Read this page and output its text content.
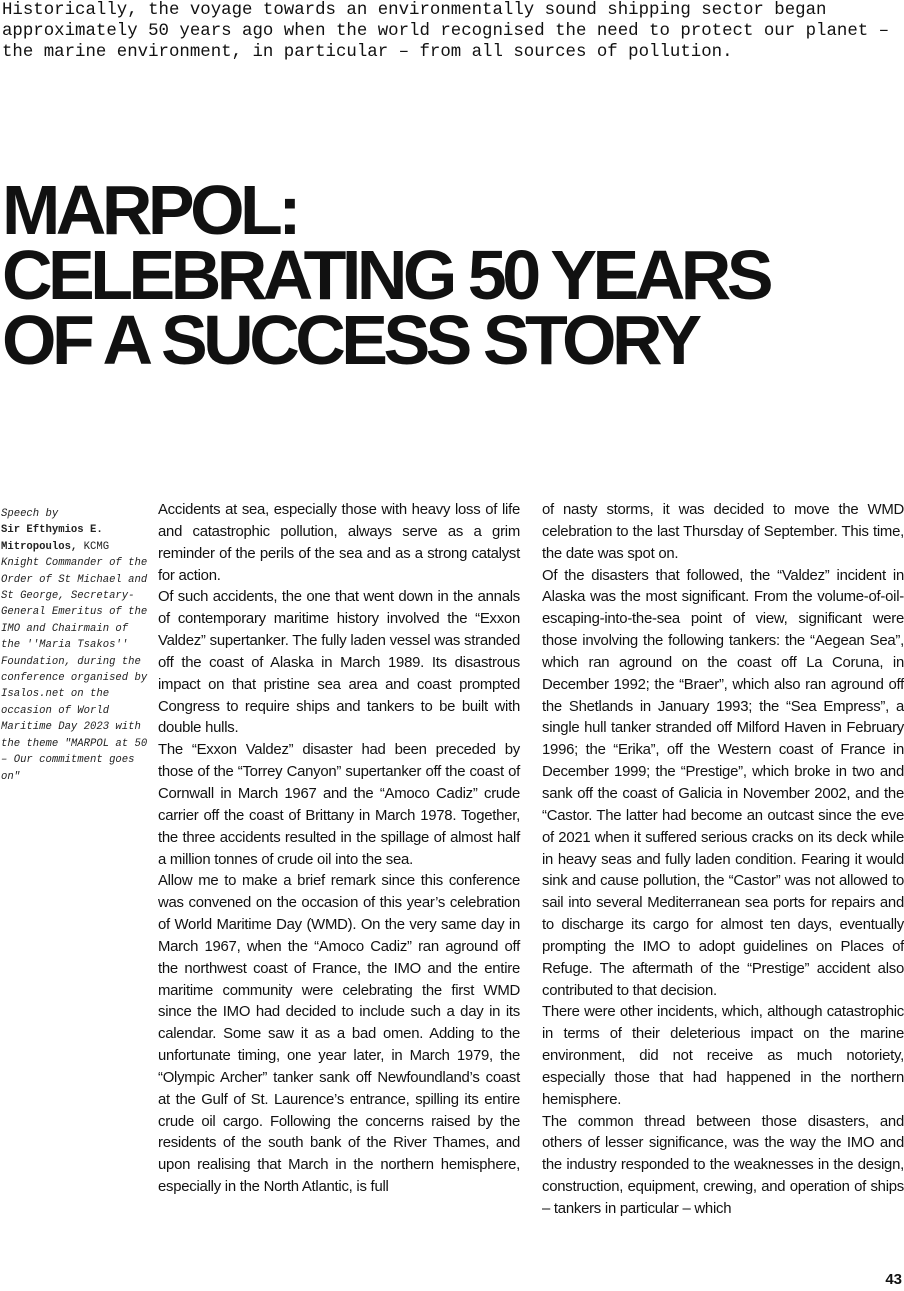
Historically, the voyage towards an environmentally sound shipping sector began approximately 50 years ago when the world recognised the need to protect our planet – the marine environment, in particular – from all sources of pollution.

MARPOL:
CELEBRATING 50 YEARS
OF A SUCCESS STORY
Speech by
Sir Efthymios E. Mitropoulos, KCMG Knight Commander of the Order of St Michael and St George, Secretary-General Emeritus of the IMO and Chairmain of the ''Maria Tsakos'' Foundation, during the conference organised by Isalos.net on the occasion of World Maritime Day 2023 with the theme "MARPOL at 50 – Our commitment goes on"

Accidents at sea, especially those with heavy loss of life and catastrophic pollution, always serve as a grim reminder of the perils of the sea and as a strong catalyst for action.

Of such accidents, the one that went down in the annals of contemporary maritime history involved the “Exxon Valdez” supertanker. The fully laden vessel was stranded off the coast of Alaska in March 1989. Its disastrous impact on that pristine sea area and coast prompted Congress to require ships and tankers to be built with double hulls.

The “Exxon Valdez” disaster had been preceded by those of the “Torrey Canyon” supertanker off the coast of Cornwall in March 1967 and the “Amoco Cadiz” crude carrier off the coast of Brittany in March 1978. Together, the three accidents resulted in the spillage of almost half a million tonnes of crude oil into the sea.

Allow me to make a brief remark since this conference was convened on the occasion of this year’s celebration of World Maritime Day (WMD). On the very same day in March 1967, when the “Amoco Cadiz” ran aground off the northwest coast of France, the IMO and the entire maritime community were celebrating the first WMD since the IMO had decided to include such a day in its calendar. Some saw it as a bad omen. Adding to the unfortunate timing, one year later, in March 1979, the “Olympic Archer” tanker sank off Newfoundland’s coast at the Gulf of St. Laurence’s entrance, spilling its entire crude oil cargo. Following the concerns raised by the residents of the south bank of the River Thames, and upon realising that March in the northern hemisphere, especially in the North Atlantic, is full

of nasty storms, it was decided to move the WMD celebration to the last Thursday of September. This time, the date was spot on.

Of the disasters that followed, the “Valdez” incident in Alaska was the most significant. From the volume-of-oil-escaping-into-the-sea point of view, significant were those involving the following tankers: the “Aegean Sea”, which ran aground on the coast off La Coruna, in December 1992; the “Braer”, which also ran aground off the Shetlands in January 1993; the “Sea Empress”, a single hull tanker stranded off Milford Haven in February 1996; the “Erika”, off the Western coast of France in December 1999; the “Prestige”, which broke in two and sank off the coast of Galicia in November 2002, and the “Castor. The latter had become an outcast since the eve of 2021 when it suffered serious cracks on its deck while in heavy seas and fully laden condition. Fearing it would sink and cause pollution, the “Castor” was not allowed to sail into several Mediterranean sea ports for repairs and to discharge its cargo for almost ten days, eventually prompting the IMO to adopt guidelines on Places of Refuge. The aftermath of the “Prestige” accident also contributed to that decision.

There were other incidents, which, although catastrophic in terms of their deleterious impact on the marine environment, did not receive as much notoriety, especially those that had happened in the northern hemisphere.

The common thread between those disasters, and others of lesser significance, was the way the IMO and the industry responded to the weaknesses in the design, construction, equipment, crewing, and operation of ships – tankers in particular – which

43
